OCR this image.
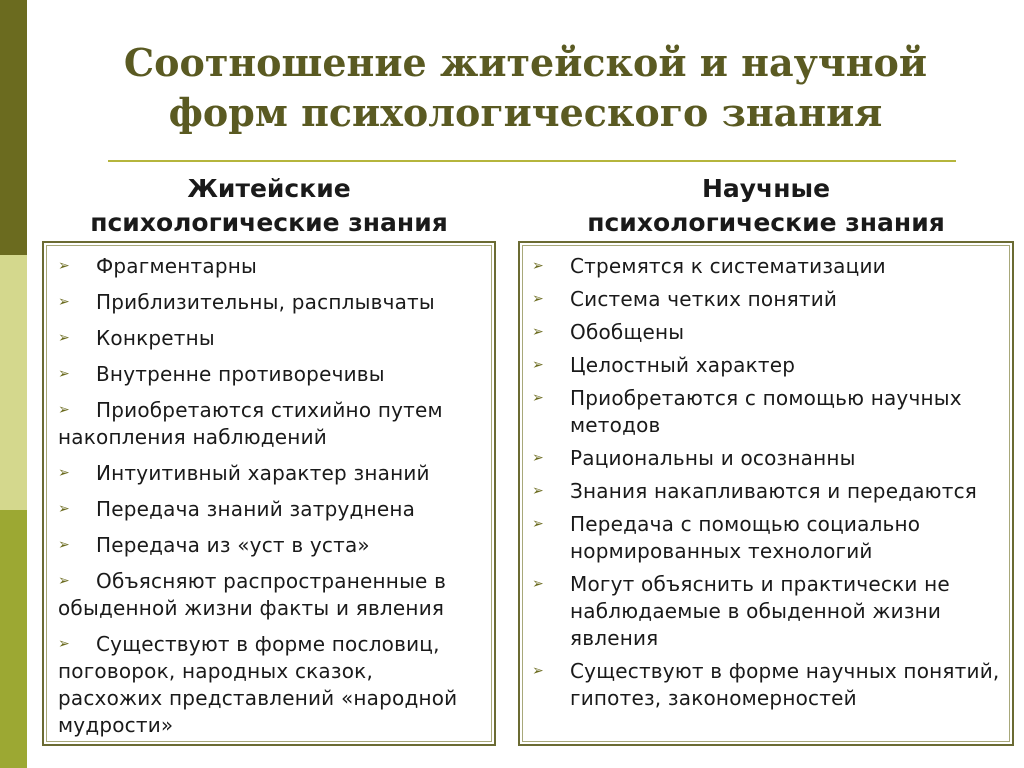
Соотношение житейской и научной
форм психологического знания
Житейские
психологические знания
Научные
психологические знания
➢	Фрагментарны
➢	Приблизительны, расплывчаты
➢	Конкретны
➢	Внутренне противоречивы
➢	Приобретаются стихийно путем накопления наблюдений
➢	Интуитивный характер знаний
➢	Передача знаний затруднена
➢	Передача из «уст в уста»
➢	Объясняют распространенные в обыденной жизни факты и явления
➢	Существуют в форме пословиц, поговорок, народных сказок, расхожих представлений «народной мудрости»
➢	Стремятся к систематизации
➢	Система четких понятий
➢	Обобщены
➢	Целостный характер
➢	Приобретаются с помощью научных методов
➢	Рациональны и осознанны
➢	Знания накапливаются и передаются
➢	Передача с помощью социально нормированных технологий
➢	Могут объяснить и практически не наблюдаемые в обыденной жизни явления
➢	Существуют в форме научных понятий, гипотез, закономерностей
